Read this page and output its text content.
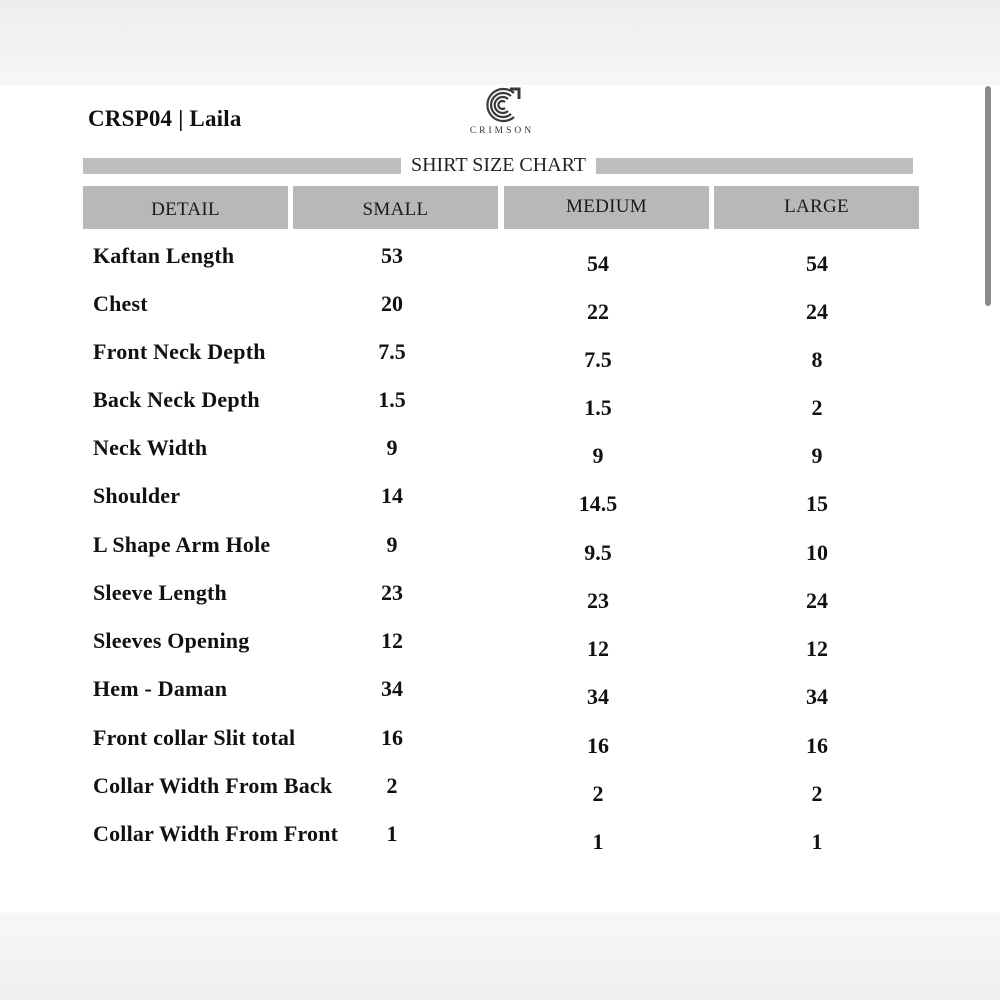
CRSP04 | Laila	CRIMSON
SHIRT SIZE CHART
DETAIL	SMALL	MEDIUM	LARGE
Kaftan Length	53	54	54
Chest	20	22	24
Front Neck Depth	7.5	7.5	8
Back Neck Depth	1.5	1.5	2
Neck Width	9	9	9
Shoulder	14	14.5	15
L Shape Arm Hole	9	9.5	10
Sleeve Length	23	23	24
Sleeves Opening	12	12	12
Hem - Daman	34	34	34
Front collar Slit total	16	16	16
Collar Width From Back	2	2	2
Collar Width From Front	1	1	1
